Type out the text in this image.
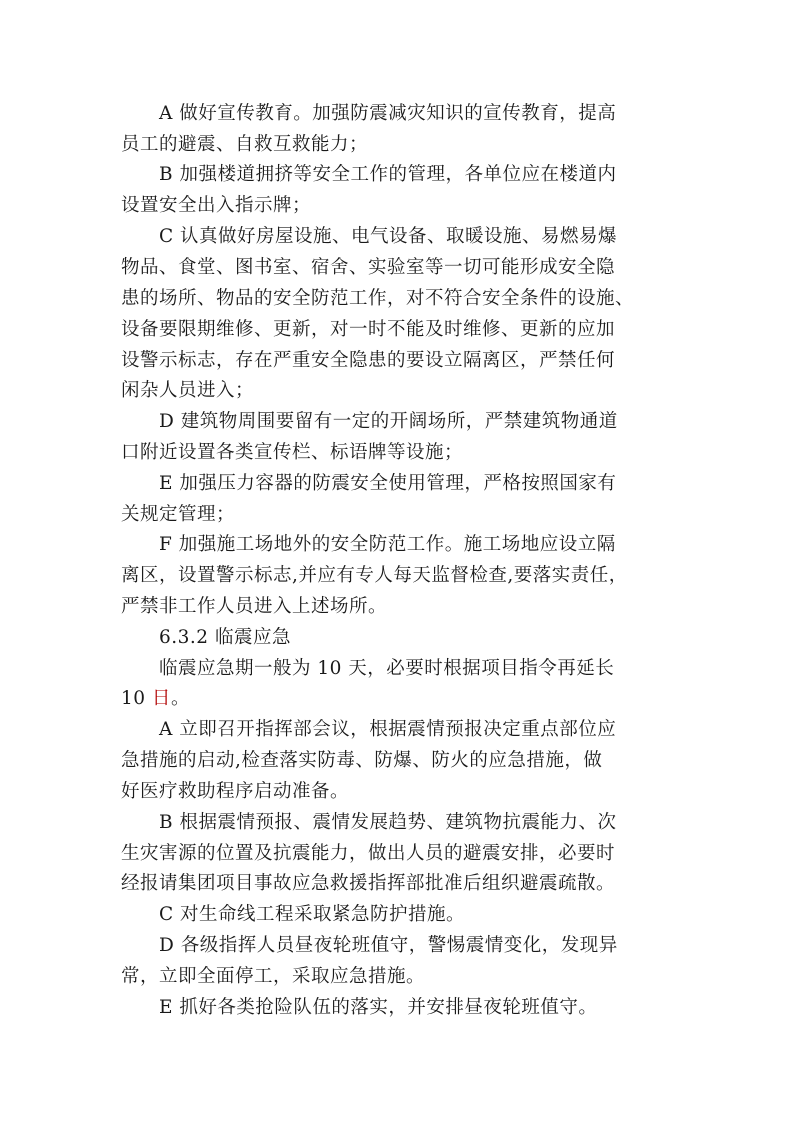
A 做好宣传教育。加强防震减灾知识的宣传教育，提高
员工的避震、自救互救能力；
B 加强楼道拥挤等安全工作的管理，各单位应在楼道内
设置安全出入指示牌；
C 认真做好房屋设施、电气设备、取暖设施、易燃易爆
物品、食堂、图书室、宿舍、实验室等一切可能形成安全隐
患的场所、物品的安全防范工作，对不符合安全条件的设施、
设备要限期维修、更新，对一时不能及时维修、更新的应加
设警示标志，存在严重安全隐患的要设立隔离区，严禁任何
闲杂人员进入；
D 建筑物周围要留有一定的开阔场所，严禁建筑物通道
口附近设置各类宣传栏、标语牌等设施；
E 加强压力容器的防震安全使用管理，严格按照国家有
关规定管理；
F 加强施工场地外的安全防范工作。施工场地应设立隔
离区，设置警示标志,并应有专人每天监督检查,要落实责任，
严禁非工作人员进入上述场所。
6.3.2 临震应急
临震应急期一般为 10 天，必要时根据项目指令再延长
10 日。
A 立即召开指挥部会议，根据震情预报决定重点部位应
急措施的启动,检查落实防毒、防爆、防火的应急措施，做
好医疗救助程序启动准备。
B 根据震情预报、震情发展趋势、建筑物抗震能力、次
生灾害源的位置及抗震能力，做出人员的避震安排，必要时
经报请集团项目事故应急救援指挥部批准后组织避震疏散。
C 对生命线工程采取紧急防护措施。
D 各级指挥人员昼夜轮班值守，警惕震情变化，发现异
常，立即全面停工，采取应急措施。
E 抓好各类抢险队伍的落实，并安排昼夜轮班值守。
